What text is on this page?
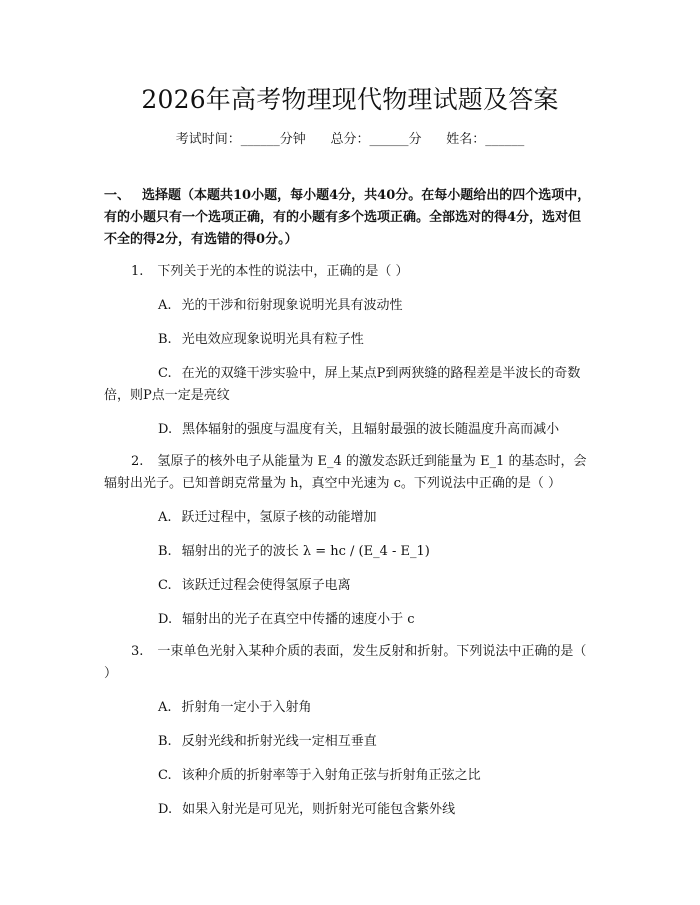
2026年高考物理现代物理试题及答案
考试时间：______分钟      总分：______分      姓名：______

一、 选择题（本题共10小题，每小题4分，共40分。在每小题给出的四个选项中，有的小题只有一个选项正确，有的小题有多个选项正确。全部选对的得4分，选对但不全的得2分，有选错的得0分。）

1. 下列关于光的本性的说法中，正确的是（ ）
A. 光的干涉和衍射现象说明光具有波动性
B. 光电效应现象说明光具有粒子性
C. 在光的双缝干涉实验中，屏上某点P到两狭缝的路程差是半波长的奇数倍，则P点一定是亮纹
D. 黑体辐射的强度与温度有关，且辐射最强的波长随温度升高而减小
2. 氢原子的核外电子从能量为 E_4 的激发态跃迁到能量为 E_1 的基态时，会辐射出光子。已知普朗克常量为 h，真空中光速为 c。下列说法中正确的是（ ）
A. 跃迁过程中，氢原子核的动能增加
B. 辐射出的光子的波长 λ = hc / (E_4 - E_1)
C. 该跃迁过程会使得氢原子电离
D. 辐射出的光子在真空中传播的速度小于 c
3. 一束单色光射入某种介质的表面，发生反射和折射。下列说法中正确的是（ ）
A. 折射角一定小于入射角
B. 反射光线和折射光线一定相互垂直
C. 该种介质的折射率等于入射角正弦与折射角正弦之比
D. 如果入射光是可见光，则折射光可能包含紫外线
